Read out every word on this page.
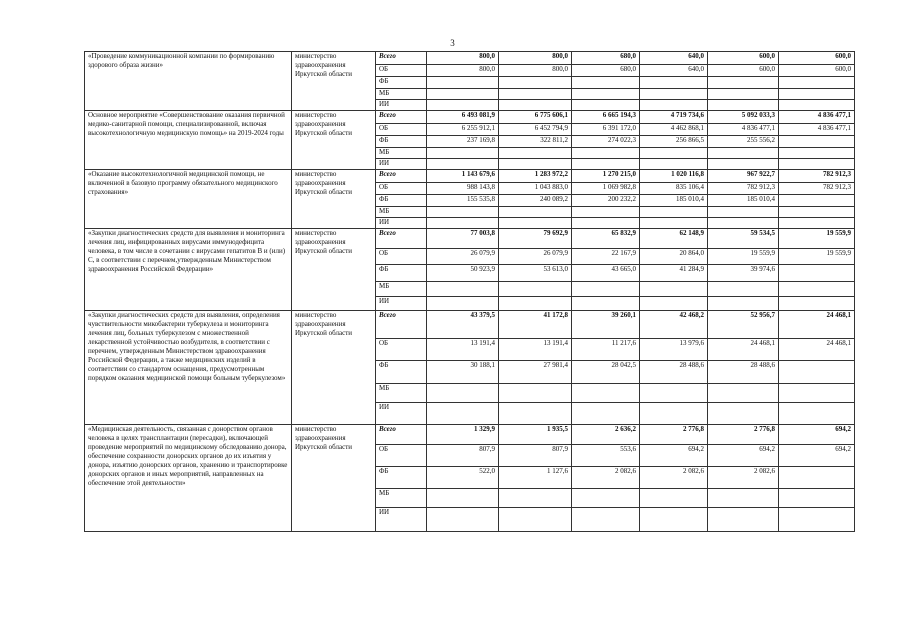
3
«Проведение коммуникационной компании по формированию здорового образа жизни»	министерство здравоохранения Иркутской области	Всего	800,0	800,0	680,0	640,0	600,0	600,0
		ОБ	800,0	800,0	680,0	640,0	600,0	600,0
		ФБ						
		МБ						
		ИИ						
Основное мероприятие «Совершенствование оказания первичной медико-санитарной помощи, специализированной, включая высокотехнологичную медицинскую помощь» на 2019-2024 годы	министерство здравоохранения Иркутской области	Всего	6 493 081,9	6 775 606,1	6 665 194,3	4 719 734,6	5 092 033,3	4 836 477,1
		ОБ	6 255 912,1	6 452 794,9	6 391 172,0	4 462 868,1	4 836 477,1	4 836 477,1
		ФБ	237 169,8	322 811,2	274 022,3	256 866,5	255 556,2	
		МБ						
		ИИ						
«Оказание высокотехнологичной медицинской помощи, не включенной в базовую программу обязательного медицинского страхования»	министерство здравоохранения Иркутской области	Всего	1 143 679,6	1 283 972,2	1 270 215,0	1 020 116,8	967 922,7	782 912,3
		ОБ	988 143,8	1 043 883,0	1 069 982,8	835 106,4	782 912,3	782 912,3
		ФБ	155 535,8	240 089,2	200 232,2	185 010,4	185 010,4	
		МБ						
		ИИ						
«Закупки диагностических средств для выявления и мониторинга лечения лиц, инфицированных вирусами иммунодефицита человека, в том числе в сочетании с вирусами гепатитов В и (или) С, в соответствии с перечнем,утвержденным Министерством здравоохранения Российской Федерации»	министерство здравоохранения Иркутской области	Всего	77 003,8	79 692,9	65 832,9	62 148,9	59 534,5	19 559,9
		ОБ	26 079,9	26 079,9	22 167,9	20 864,0	19 559,9	19 559,9
		ФБ	50 923,9	53 613,0	43 665,0	41 284,9	39 974,6	
		МБ						
		ИИ						
«Закупки диагностических средств для выявления, определения чувствительности микобактерии туберкулеза и мониторинга лечения лиц, больных туберкулезом с множественной лекарственной устойчивостью возбудителя, в соответствии с перечнем, утвержденным Министерством здравоохранения Российской Федерации, а также медицинских изделий в соответствии со стандартом оснащения, предусмотренным порядком оказания медицинской помощи больным туберкулезом»	министерство здравоохранения Иркутской области	Всего	43 379,5	41 172,8	39 260,1	42 468,2	52 956,7	24 468,1
		ОБ	13 191,4	13 191,4	11 217,6	13 979,6	24 468,1	24 468,1
		ФБ	30 188,1	27 981,4	28 042,5	28 488,6	28 488,6	
		МБ						
		ИИ						
«Медицинская деятельность, связанная с донорством органов человека в целях трансплантации (пересадки), включающей проведение мероприятий по медицинскому обследованию донора, обеспечение сохранности донорских органов до их изъятия у донора, изъятию донорских органов, хранению и транспортировке донорских органов и иных мероприятий, направленных на обеспечение этой деятельности»	министерство здравоохранения Иркутской области	Всего	1 329,9	1 935,5	2 636,2	2 776,8	2 776,8	694,2
		ОБ	807,9	807,9	553,6	694,2	694,2	694,2
		ФБ	522,0	1 127,6	2 082,6	2 082,6	2 082,6	
		МБ						
		ИИ						
